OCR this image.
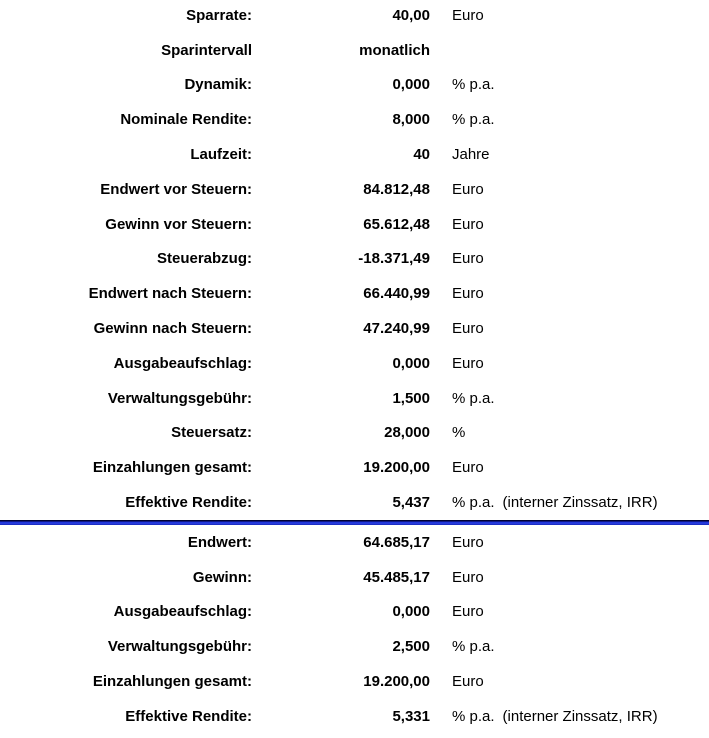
Sparrate:	40,00 Euro
Sparintervall	monatlich
Dynamik:	0,000 % p.a.
Nominale Rendite:	8,000 % p.a.
Laufzeit:	40 Jahre
Endwert vor Steuern:	84.812,48 Euro
Gewinn vor Steuern:	65.612,48 Euro
Steuerabzug:	-18.371,49 Euro
Endwert nach Steuern:	66.440,99 Euro
Gewinn nach Steuern:	47.240,99 Euro
Ausgabeaufschlag:	0,000 Euro
Verwaltungsgebühr:	1,500 % p.a.
Steuersatz:	28,000 %
Einzahlungen gesamt:	19.200,00 Euro
Effektive Rendite:	5,437 % p.a. (interner Zinssatz, IRR)
Endwert:	64.685,17 Euro
Gewinn:	45.485,17 Euro
Ausgabeaufschlag:	0,000 Euro
Verwaltungsgebühr:	2,500 % p.a.
Einzahlungen gesamt:	19.200,00 Euro
Effektive Rendite:	5,331 % p.a. (interner Zinssatz, IRR)
